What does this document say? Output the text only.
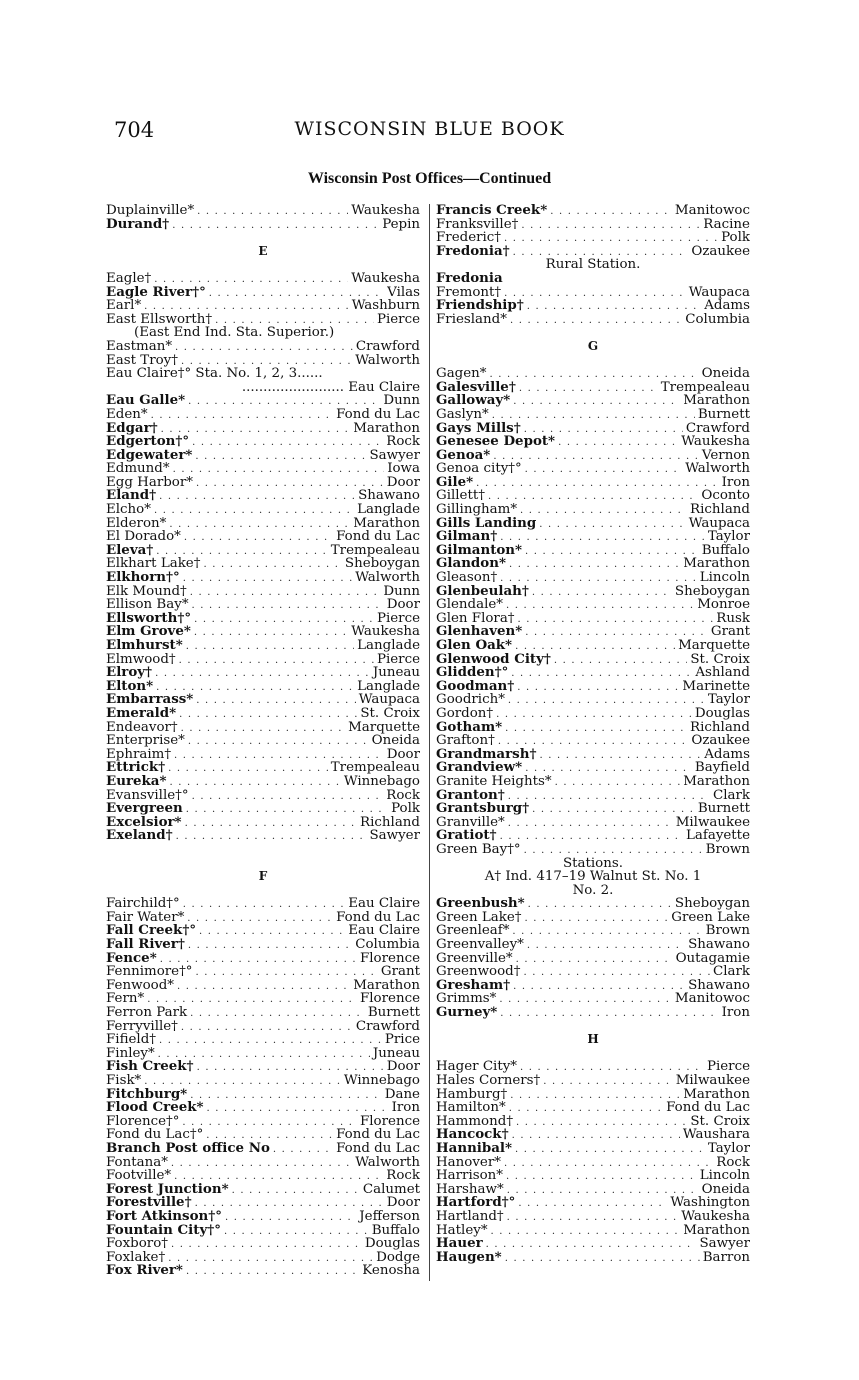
704	WISCONSIN BLUE BOOK
Wisconsin Post Offices—Continued
Duplainville* . . .	Waukesha
Durand† . . .	Pepin
E
Eagle† . . .	Waukesha
Eagle River†° . . .	Vilas
Earl* . . .	Washburn
East Ellsworth† . . .	Pierce
(East End Ind. Sta. Superior.)
Eastman* . . .	Crawford
East Troy† . . .	Walworth
Eau Claire†° Sta. No. 1, 2, 3......
........................ Eau Claire
Eau Galle* . . .	Dunn
Eden* . . .	Fond du Lac
Edgar† . . .	Marathon
Edgerton†° . . .	Rock
Edgewater* . . .	Sawyer
Edmund* . . .	Iowa
Egg Harbor* . . .	Door
Eland† . . .	Shawano
Elcho* . . .	Langlade
Elderon* . . .	Marathon
El Dorado* . . .	Fond du Lac
Eleva† . . .	Trempealeau
Elkhart Lake† . . .	Sheboygan
Elkhorn†° . . .	Walworth
Elk Mound† . . .	Dunn
Ellison Bay* . . .	Door
Ellsworth†° . . .	Pierce
Elm Grove* . . .	Waukesha
Elmhurst* . . .	Langlade
Elmwood† . . .	Pierce
Elroy† . . .	Juneau
Elton* . . .	Langlade
Embarrass* . . .	Waupaca
Emerald* . . .	St. Croix
Endeavor† . . .	Marquette
Enterprise* . . .	Oneida
Ephraim† . . .	Door
Ettrick† . . .	Trempealeau
Eureka* . . .	Winnebago
Evansville†° . . .	Rock
Evergreen . . .	Polk
Excelsior* . . .	Richland
Exeland† . . .	Sawyer
F
Fairchild†° . . .	Eau Claire
Fair Water* . . .	Fond du Lac
Fall Creek†° . . .	Eau Claire
Fall River† . . .	Columbia
Fence* . . .	Florence
Fennimore†° . . .	Grant
Fenwood* . . .	Marathon
Fern* . . .	Florence
Ferron Park . . .	Burnett
Ferryville† . . .	Crawford
Fifield† . . .	Price
Finley* . . .	Juneau
Fish Creek† . . .	Door
Fisk* . . .	Winnebago
Fitchburg* . . .	Dane
Flood Creek* . . .	Iron
Florence†° . . .	Florence
Fond du Lac†° . . .	Fond du Lac
Branch Post office No . . .	Fond du Lac
Fontana* . . .	Walworth
Footville* . . .	Rock
Forest Junction* . . .	Calumet
Forestville† . . .	Door
Fort Atkinson†° . . .	Jefferson
Fountain City†° . . .	Buffalo
Foxboro† . . .	Douglas
Foxlake† . . .	Dodge
Fox River* . . .	Kenosha
Francis Creek* . . .	Manitowoc
Franksville† . . .	Racine
Frederic† . . .	Polk
Fredonia† . . .	Ozaukee
Rural Station.
Fredonia
Fremont† . . .	Waupaca
Friendship† . . .	Adams
Friesland* . . .	Columbia
G
Gagen* . . .	Oneida
Galesville† . . .	Trempealeau
Galloway* . . .	Marathon
Gaslyn* . . .	Burnett
Gays Mills† . . .	Crawford
Genesee Depot* . . .	Waukesha
Genoa* . . .	Vernon
Genoa city†° . . .	Walworth
Gile* . . .	Iron
Gillett† . . .	Oconto
Gillingham* . . .	Richland
Gills Landing . . .	Waupaca
Gilman† . . .	Taylor
Gilmanton* . . .	Buffalo
Glandon* . . .	Marathon
Gleason† . . .	Lincoln
Glenbeulah† . . .	Sheboygan
Glendale* . . .	Monroe
Glen Flora† . . .	Rusk
Glenhaven* . . .	Grant
Glen Oak* . . .	Marquette
Glenwood City† . . .	St. Croix
Glidden†° . . .	Ashland
Goodman† . . .	Marinette
Goodrich* . . .	Taylor
Gordon† . . .	Douglas
Gotham* . . .	Richland
Grafton† . . .	Ozaukee
Grandmarsh† . . .	Adams
Grandview* . . .	Bayfield
Granite Heights* . . .	Marathon
Granton† . . .	Clark
Grantsburg† . . .	Burnett
Granville* . . .	Milwaukee
Gratiot† . . .	Lafayette
Green Bay†° . . .	Brown
Stations.
A† Ind. 417–19 Walnut St. No. 1
No. 2.
Greenbush* . . .	Sheboygan
Green Lake† . . .	Green Lake
Greenleaf* . . .	Brown
Greenvalley* . . .	Shawano
Greenville* . . .	Outagamie
Greenwood† . . .	Clark
Gresham† . . .	Shawano
Grimms* . . .	Manitowoc
Gurney* . . .	Iron
H
Hager City* . . .	Pierce
Hales Corners† . . .	Milwaukee
Hamburg† . . .	Marathon
Hamilton* . . .	Fond du Lac
Hammond† . . .	St. Croix
Hancock† . . .	Waushara
Hannibal* . . .	Taylor
Hanover* . . .	Rock
Harrison* . . .	Lincoln
Harshaw* . . .	Oneida
Hartford†° . . .	Washington
Hartland† . . .	Waukesha
Hatley* . . .	Marathon
Hauer . . .	Sawyer
Haugen* . . .	Barron
